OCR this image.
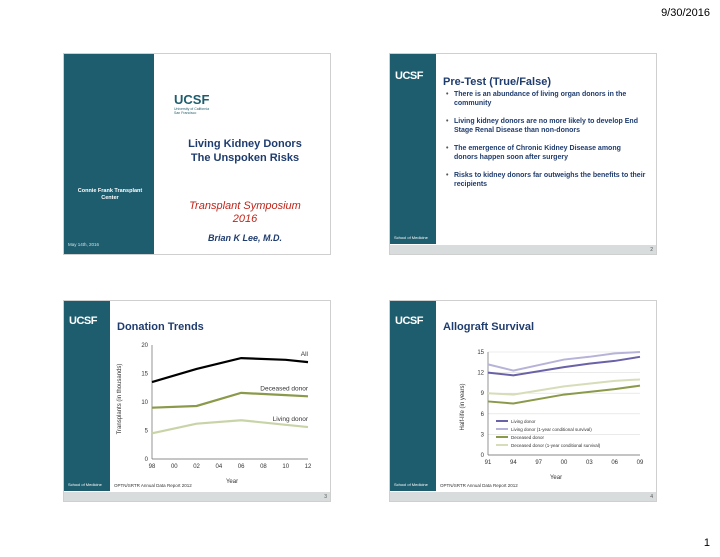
9/30/2016
Connie Frank Transplant Center
May 14th, 2016
UCSF
University of California San Francisco
Living Kidney Donors
The Unspoken Risks
Transplant Symposium
2016
Brian K Lee, M.D.
UCSF
School of Medicine
Pre-Test (True/False)
• There is an abundance of living organ donors in the community
• Living kidney donors are no more likely to develop End Stage Renal Disease than non-donors
• The emergence of Chronic Kidney Disease among donors happen soon after surgery
• Risks to kidney donors far outweighs the benefits to their recipients
2
UCSF
School of Medicine
Donation Trends
Transplants (in thousands)
Year
0
5
10
15
20
98	00	02	04	06	08	10	12
All
Deceased donor
Living donor
OPTN/SRTR Annual Data Report 2012
3
UCSF
School of Medicine
Allograft Survival
Half-life (in years)
Year
0
3
6
9
12
15
91	94	97	00	03	06	09
Living donor
Living donor (1-year conditional survival)
Deceased donor
Deceased donor (1-year conditional survival)
OPTN/SRTR Annual Data Report 2012
4
1
